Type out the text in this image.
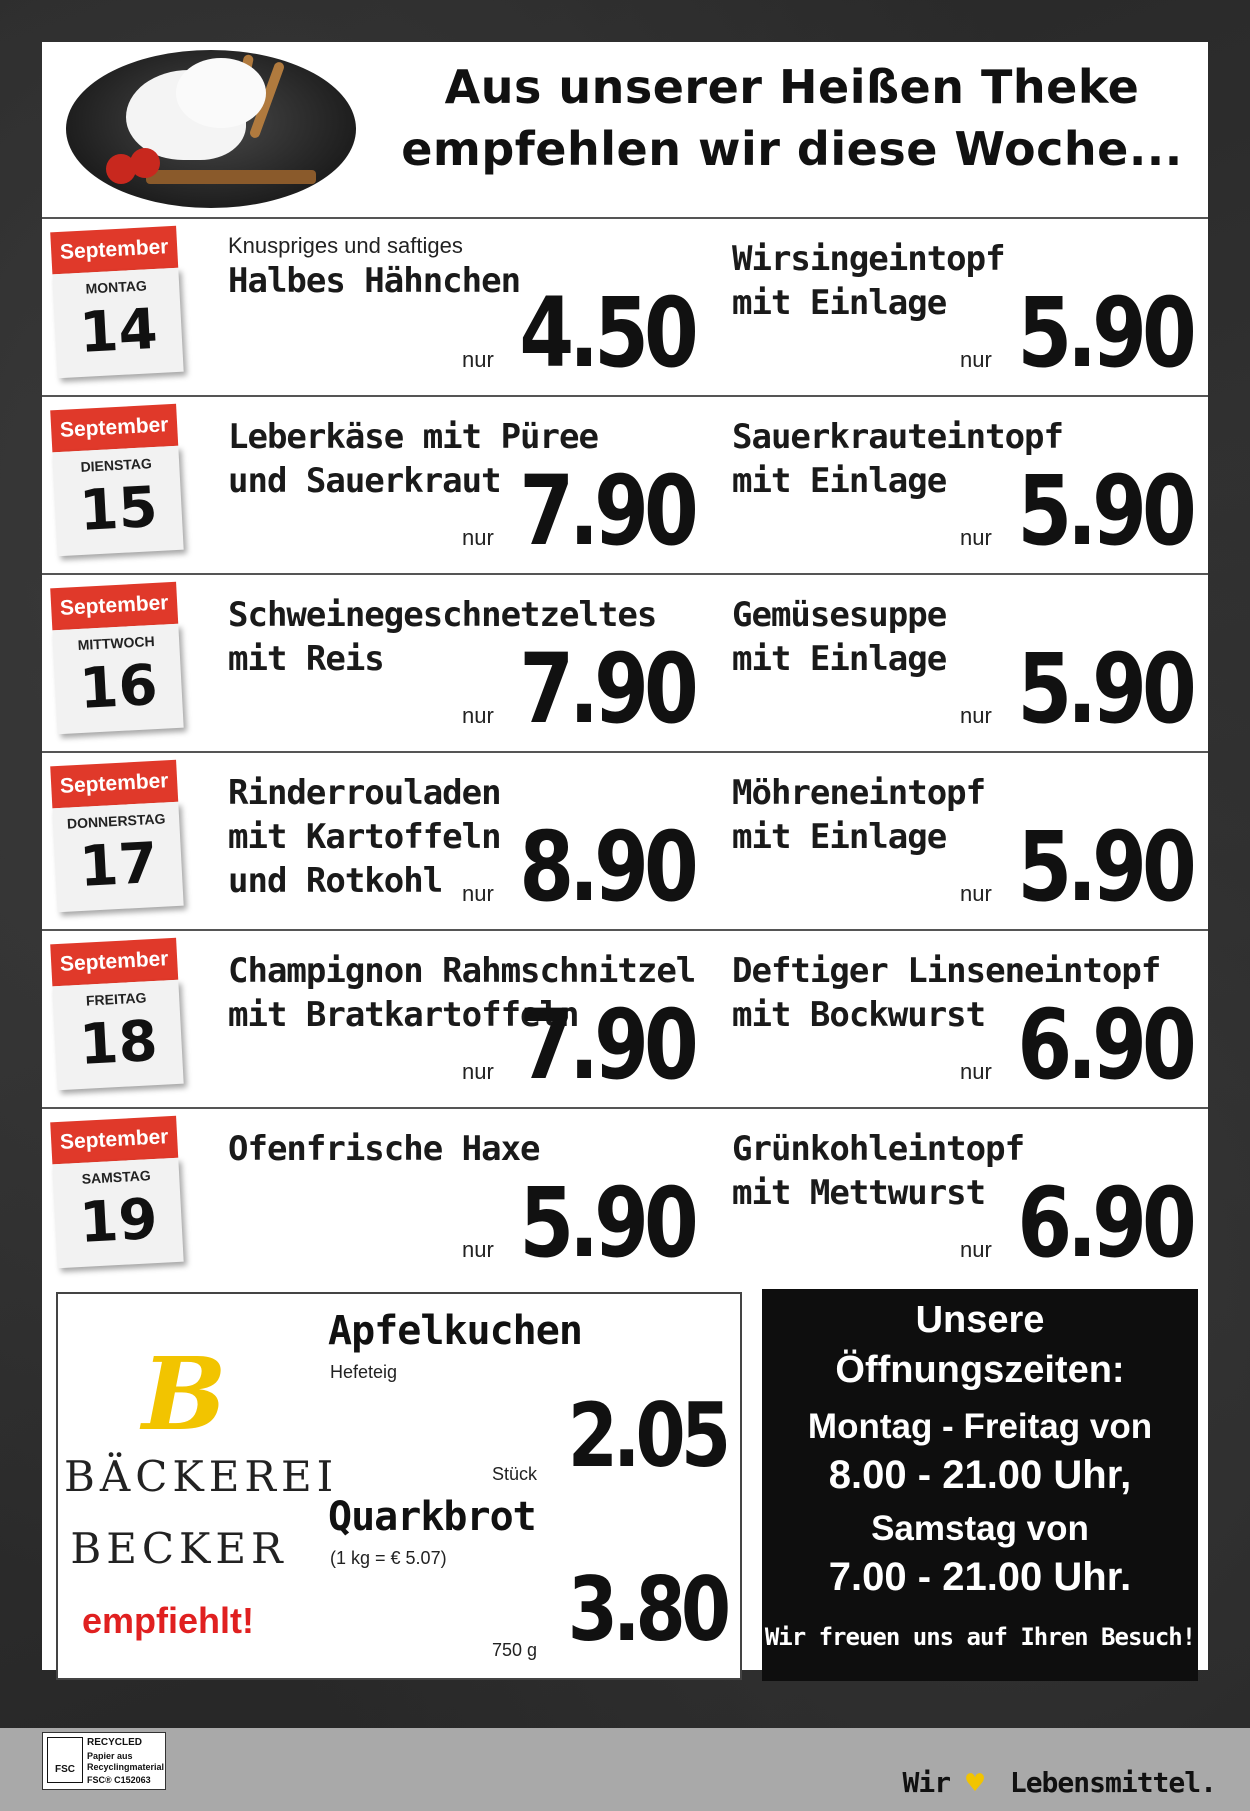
Aus unserer Heißen Theke
empfehlen wir diese Woche...
September
MONTAG
14
Knuspriges und saftiges
Halbes Hähnchen
nur 4.50
Wirsingeintopf
mit Einlage
nur 5.90
September
DIENSTAG
15
Leberkäse mit Püree
und Sauerkraut
nur 7.90
Sauerkrauteintopf
mit Einlage
nur 5.90
September
MITTWOCH
16
Schweinegeschnetzeltes
mit Reis
nur 7.90
Gemüsesuppe
mit Einlage
nur 5.90
September
DONNERSTAG
17
Rinderrouladen
mit Kartoffeln
und Rotkohl nur 8.90
Möhreneintopf
mit Einlage
nur 5.90
September
FREITAG
18
Champignon Rahmschnitzel
mit Bratkartoffeln
nur 7.90
Deftiger Linseneintopf
mit Bockwurst
nur 6.90
September
SAMSTAG
19
Ofenfrische Haxe
nur 5.90
Grünkohleintopf
mit Mettwurst
nur 6.90
B
BÄCKEREI
BECKER
empfiehlt!
Apfelkuchen
Hefeteig
Stück 2.05
Quarkbrot
(1 kg = € 5.07)
750 g 3.80
Unsere
Öffnungszeiten:
Montag - Freitag von
8.00 - 21.00 Uhr,
Samstag von
7.00 - 21.00 Uhr.
Wir freuen uns auf Ihren Besuch!
FSC
RECYCLED
Papier aus
Recyclingmaterial
FSC® C152063	Wir ♥ Lebensmittel.
